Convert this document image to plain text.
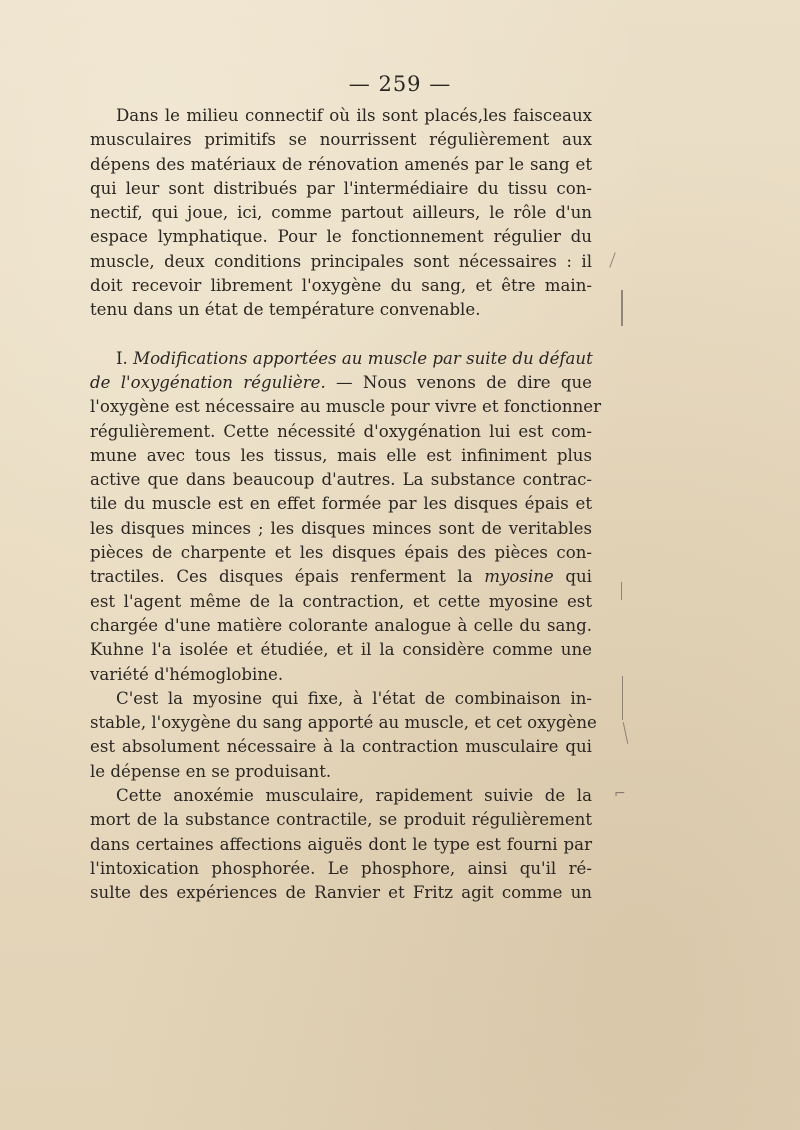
— 259 —

Dans le milieu connectif où ils sont placés,les faisceaux
musculaires primitifs se nourrissent régulièrement aux
dépens des matériaux de rénovation amenés par le sang et
qui leur sont distribués par l'intermédiaire du tissu con-
nectif, qui joue, ici, comme partout ailleurs, le rôle d'un
espace lymphatique. Pour le fonctionnement régulier du
muscle, deux conditions principales sont nécessaires : il
doit recevoir librement l'oxygène du sang, et être main-
tenu dans un état de température convenable.

I. Modifications apportées au muscle par suite du défaut
de l'oxygénation régulière. — Nous venons de dire que
l'oxygène est nécessaire au muscle pour vivre et fonctionner
régulièrement. Cette nécessité d'oxygénation lui est com-
mune avec tous les tissus, mais elle est infiniment plus
active que dans beaucoup d'autres. La substance contrac-
tile du muscle est en effet formée par les disques épais et
les disques minces ; les disques minces sont de veritables
pièces de charpente et les disques épais des pièces con-
tractiles. Ces disques épais renferment la myosine qui
est l'agent même de la contraction, et cette myosine est
chargée d'une matière colorante analogue à celle du sang.
Kuhne l'a isolée et étudiée, et il la considère comme une
variété d'hémoglobine.

C'est la myosine qui fixe, à l'état de combinaison in-
stable, l'oxygène du sang apporté au muscle, et cet oxygène
est absolument nécessaire à la contraction musculaire qui
le dépense en se produisant.

Cette anoxémie musculaire, rapidement suivie de la
mort de la substance contractile, se produit régulièrement
dans certaines affections aiguës dont le type est fourni par
l'intoxication phosphorée. Le phosphore, ainsi qu'il ré-
sulte des expériences de Ranvier et Fritz agit comme un

⌐
